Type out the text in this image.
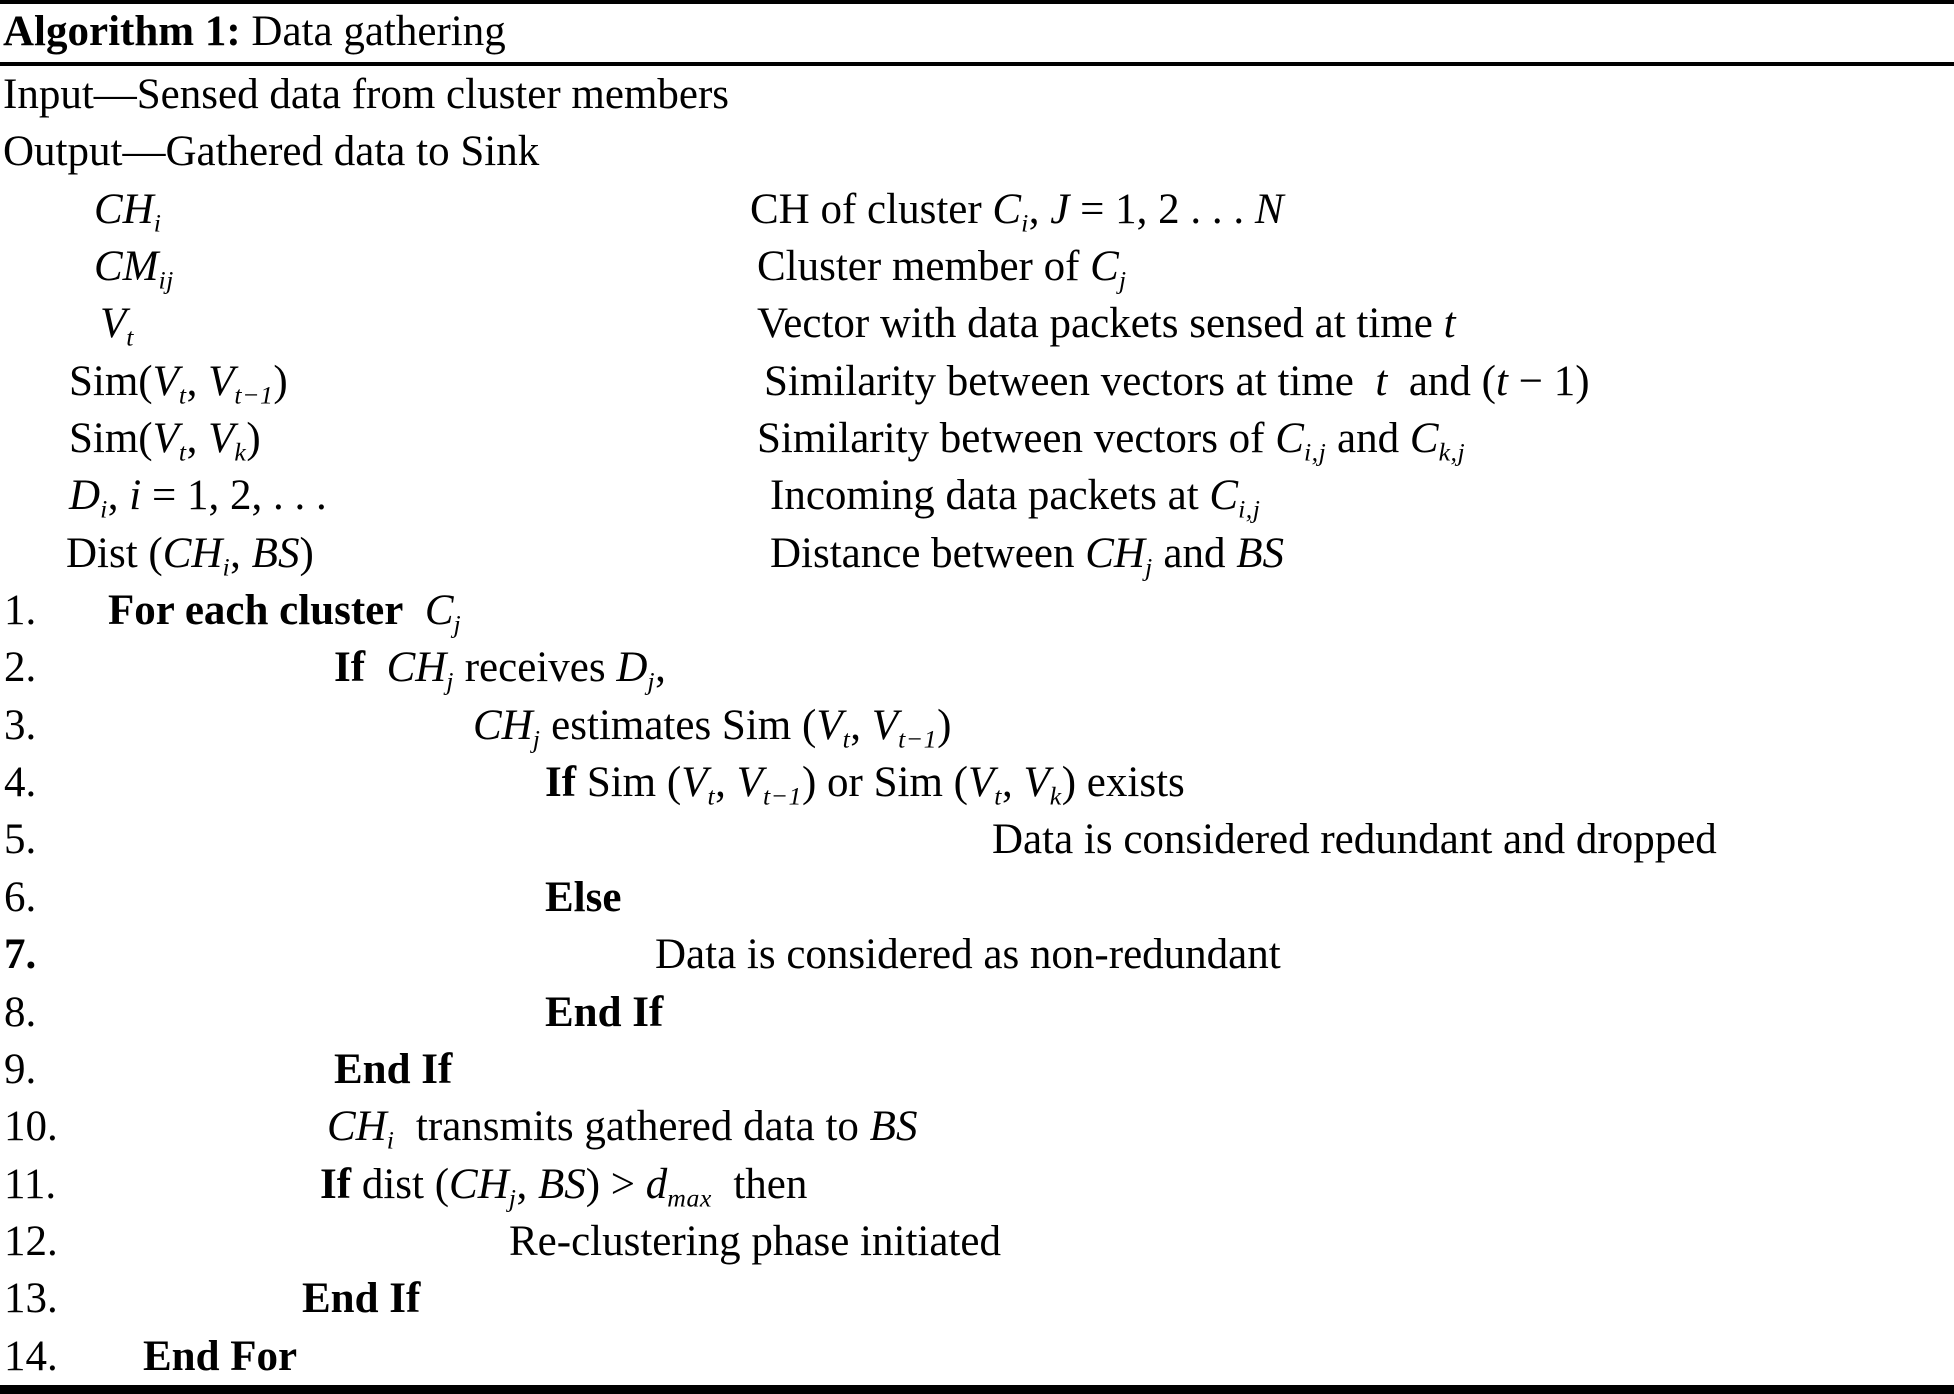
Algorithm 1: Data gathering
Input—Sensed data from cluster members
Output—Gathered data to Sink
CHi	CH of cluster Ci, J = 1, 2 . . . N
CMij	Cluster member of Cj
Vt	Vector with data packets sensed at time t
Sim(Vt, Vt−1)	Similarity between vectors at time  t  and (t − 1)
Sim(Vt, Vk)	Similarity between vectors of Ci,j and Ck,j
Di, i = 1, 2, . . .	Incoming data packets at Ci,j
Dist (CHi, BS)	Distance between CHj and BS
1. For each cluster Cj
2.	If CHj receives Dj,
3.	CHj estimates Sim (Vt, Vt−1)
4.	If Sim (Vt, Vt−1) or Sim (Vt, Vk) exists
5.	Data is considered redundant and dropped
6.	Else
7.	Data is considered as non-redundant
8.	End If
9.	End If
10.	CHi  transmits gathered data to BS
11.	If dist (CHj, BS) > dmax  then
12.	Re-clustering phase initiated
13.	End If
14. End For
